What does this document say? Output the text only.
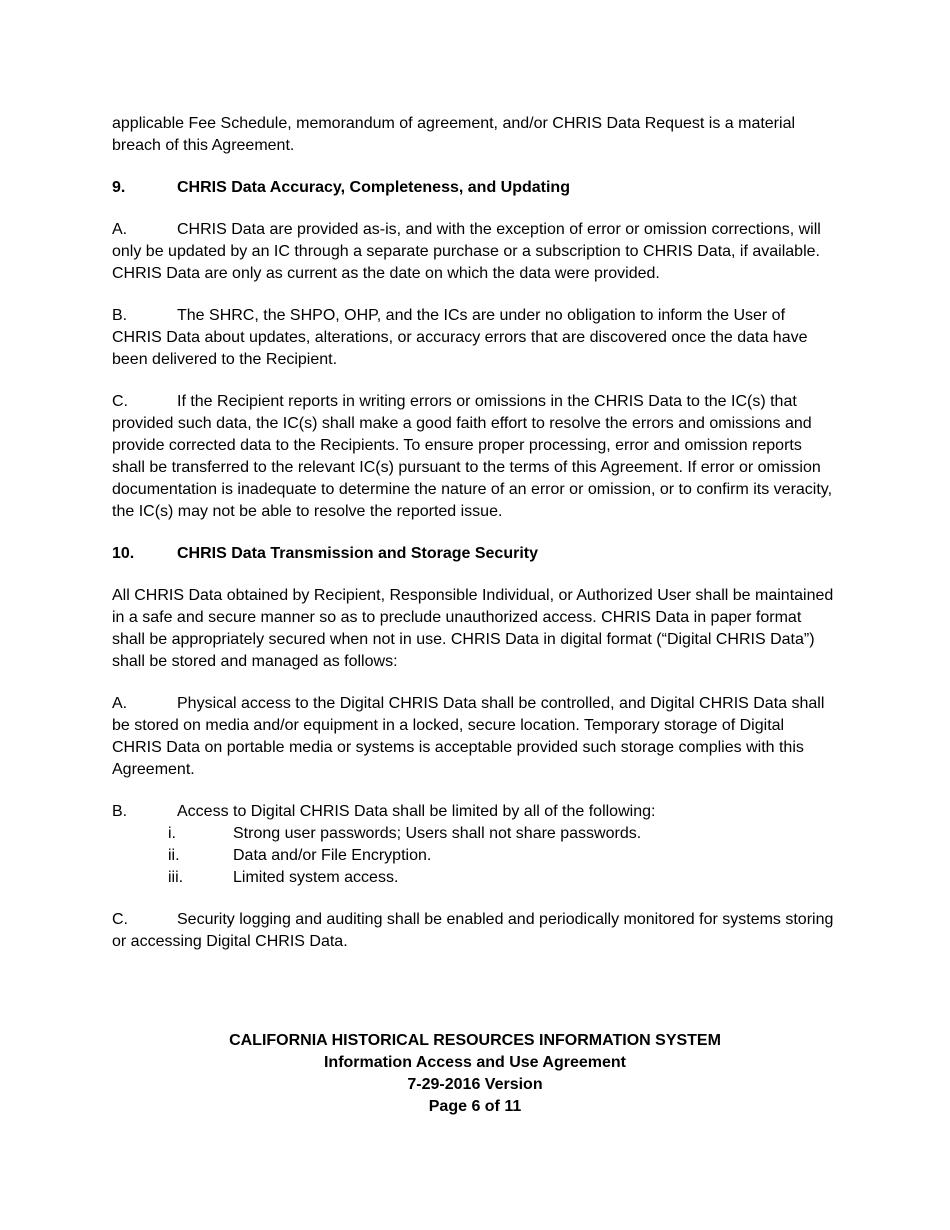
applicable Fee Schedule, memorandum of agreement, and/or CHRIS Data Request is a material breach of this Agreement.

9.	CHRIS Data Accuracy, Completeness, and Updating

A.	CHRIS Data are provided as-is, and with the exception of error or omission corrections, will only be updated by an IC through a separate purchase or a subscription to CHRIS Data, if available. CHRIS Data are only as current as the date on which the data were provided.

B.	The SHRC, the SHPO, OHP, and the ICs are under no obligation to inform the User of CHRIS Data about updates, alterations, or accuracy errors that are discovered once the data have been delivered to the Recipient.

C.	If the Recipient reports in writing errors or omissions in the CHRIS Data to the IC(s) that provided such data, the IC(s) shall make a good faith effort to resolve the errors and omissions and provide corrected data to the Recipients. To ensure proper processing, error and omission reports shall be transferred to the relevant IC(s) pursuant to the terms of this Agreement. If error or omission documentation is inadequate to determine the nature of an error or omission, or to confirm its veracity, the IC(s) may not be able to resolve the reported issue.

10.	CHRIS Data Transmission and Storage Security

All CHRIS Data obtained by Recipient, Responsible Individual, or Authorized User shall be maintained in a safe and secure manner so as to preclude unauthorized access. CHRIS Data in paper format shall be appropriately secured when not in use. CHRIS Data in digital format (“Digital CHRIS Data”) shall be stored and managed as follows:

A.	Physical access to the Digital CHRIS Data shall be controlled, and Digital CHRIS Data shall be stored on media and/or equipment in a locked, secure location. Temporary storage of Digital CHRIS Data on portable media or systems is acceptable provided such storage complies with this Agreement.

B.	Access to Digital CHRIS Data shall be limited by all of the following:

i.	Strong user passwords; Users shall not share passwords.
ii.	Data and/or File Encryption.
iii.	Limited system access.

C.	Security logging and auditing shall be enabled and periodically monitored for systems storing or accessing Digital CHRIS Data.

CALIFORNIA HISTORICAL RESOURCES INFORMATION SYSTEM
Information Access and Use Agreement
7-29-2016 Version
Page 6 of 11
